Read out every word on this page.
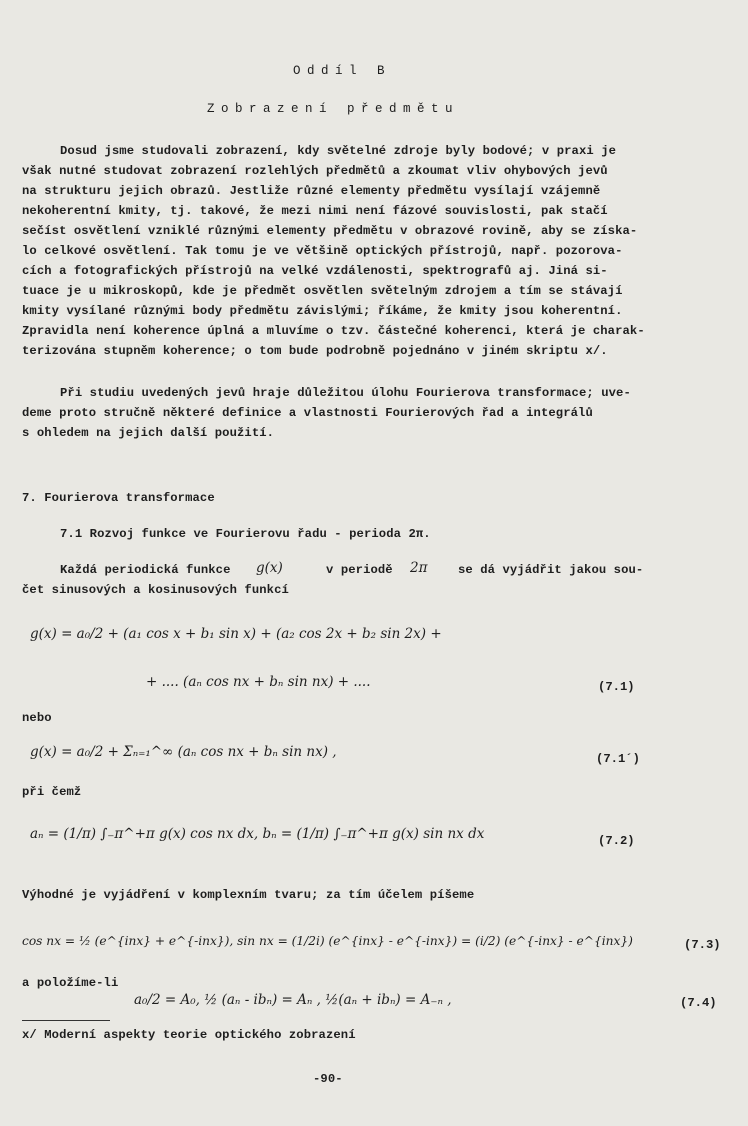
Oddíl B
Zobrazení předmětu
Dosud jsme studovali zobrazení, kdy světelné zdroje byly bodové; v praxi je
však nutné studovat zobrazení rozlehlých předmětů a zkoumat vliv ohybových jevů
na strukturu jejich obrazů. Jestliže různé elementy předmětu vysílají vzájemně
nekoherentní kmity, tj. takové, že mezi nimi není fázové souvislosti, pak stačí
sečíst osvětlení vzniklé různými elementy předmětu v obrazové rovině, aby se získa-
lo celkové osvětlení. Tak tomu je ve většině optických přístrojů, např. pozorova-
cích a fotografických přístrojů na velké vzdálenosti, spektrografů aj. Jiná si-
tuace je u mikroskopů, kde je předmět osvětlen světelným zdrojem a tím se stávají
kmity vysílané různými body předmětu závislými; říkáme, že kmity jsou koherentní.
Zpravidla není koherence úplná a mluvíme o tzv. částečné koherenci, která je charak-
terizována stupněm koherence; o tom bude podrobně pojednáno v jiném skriptu x/.
Při studiu uvedených jevů hraje důležitou úlohu Fourierova transformace; uve-
deme proto stručně některé definice a vlastnosti Fourierových řad a integrálů
s ohledem na jejich další použití.
7. Fourierova transformace
7.1 Rozvoj funkce ve Fourierovu řadu - perioda 2π.
Každá periodická funkce g(x)	v periodě 2π	se dá vyjádřit jakou sou-
čet sinusových a kosinusových funkcí
g(x) = a₀/2 + (a₁ cos x + b₁ sin x) + (a₂ cos 2x + b₂ sin 2x) +
+ .... (aₙ cos nx + bₙ sin nx) + ....	(7.1)
nebo
g(x) = a₀/2 + Σₙ₌₁^∞ (aₙ cos nx + bₙ sin nx) ,	(7.1´)
při čemž
aₙ = (1/π) ∫₋π^+π g(x) cos nx dx, bₙ = (1/π) ∫₋π^+π g(x) sin nx dx	(7.2)
Výhodné je vyjádření v komplexním tvaru; za tím účelem píšeme
cos nx = ½ (e^{inx} + e^{-inx}), sin nx = (1/2i) (e^{inx} - e^{-inx}) = (i/2) (e^{-inx} - e^{inx})	(7.3)
a položíme-li
a₀/2 = A₀, ½ (aₙ - ibₙ) = Aₙ , ½(aₙ + ibₙ) = A₋ₙ ,	(7.4)
x/ Moderní aspekty teorie optického zobrazení
-90-
